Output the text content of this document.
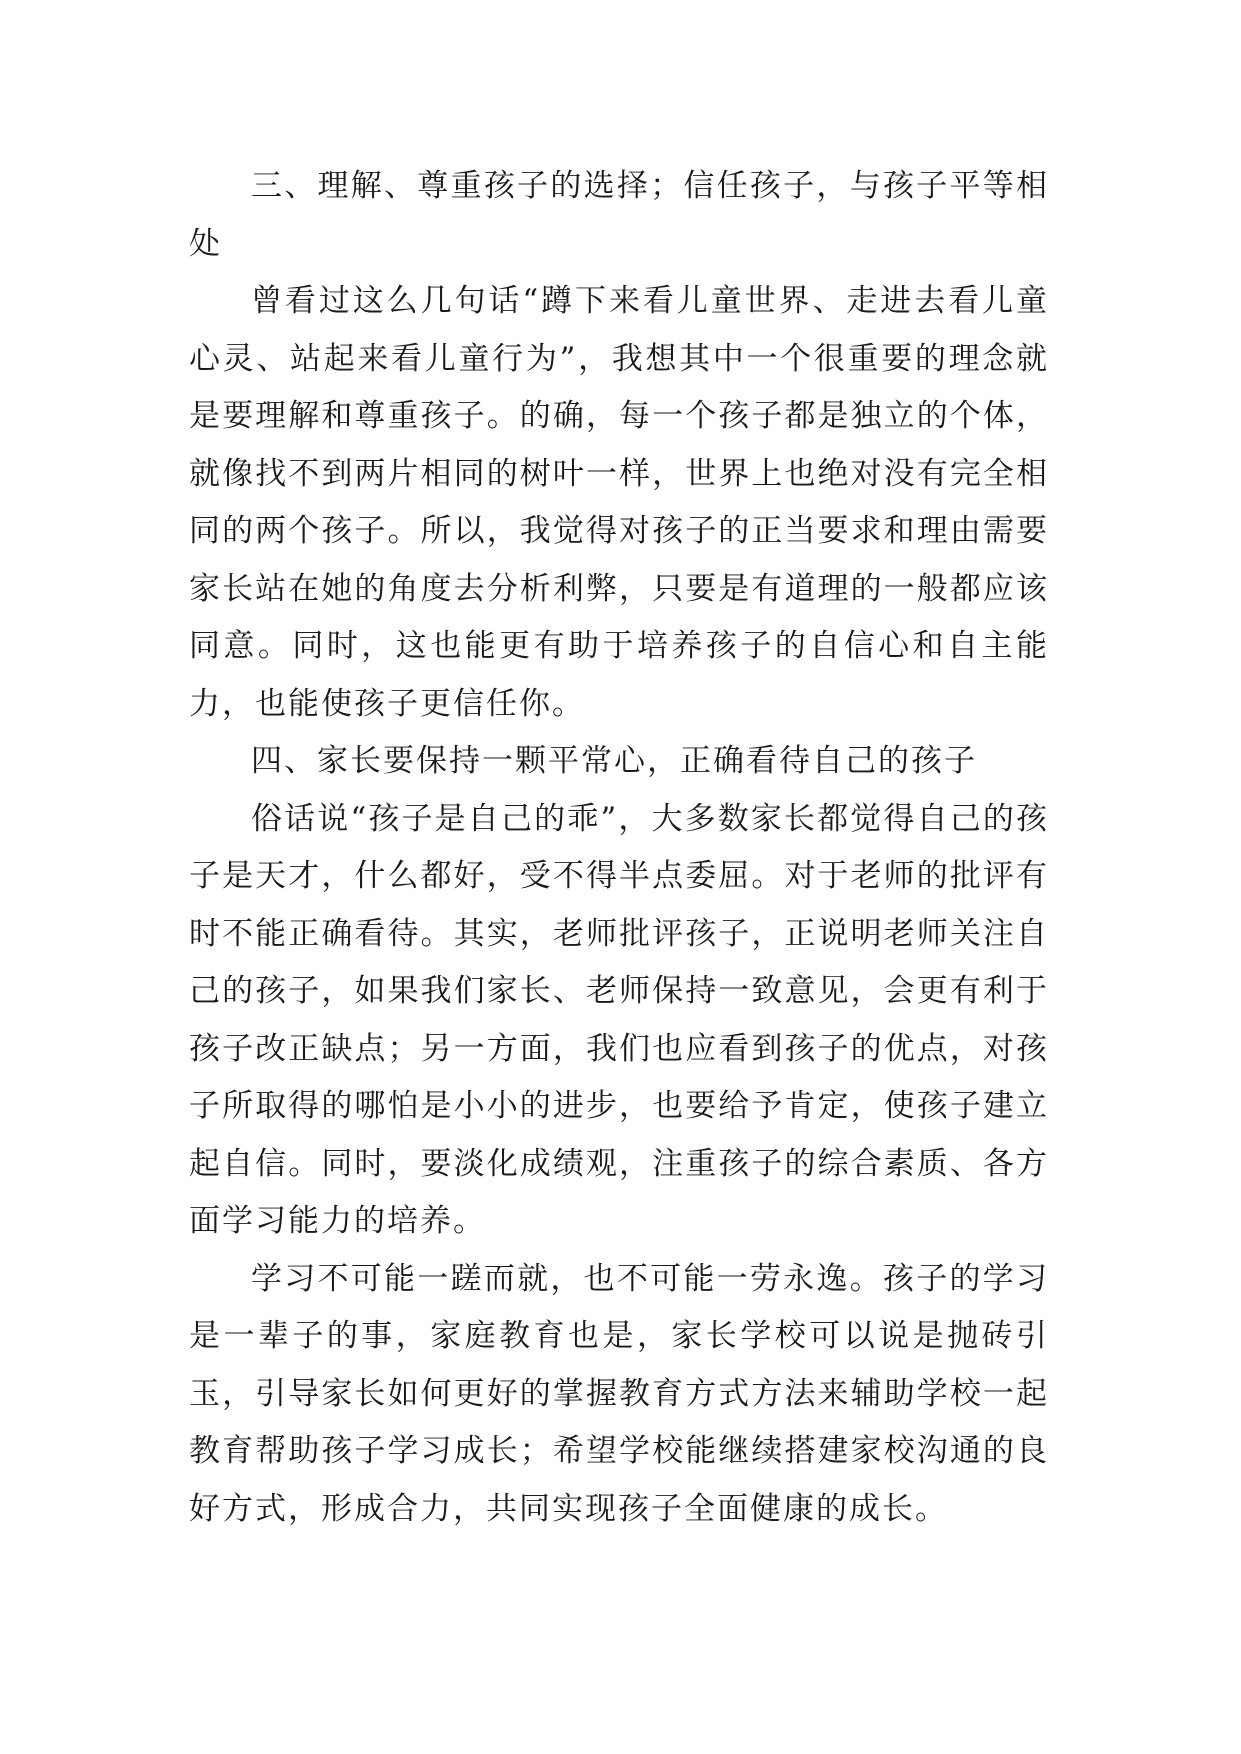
三、理解、尊重孩子的选择；信任孩子，与孩子平等相处

曾看过这么几句话“蹲下来看儿童世界、走进去看儿童心灵、站起来看儿童行为”，我想其中一个很重要的理念就是要理解和尊重孩子。的确，每一个孩子都是独立的个体，就像找不到两片相同的树叶一样，世界上也绝对没有完全相同的两个孩子。所以，我觉得对孩子的正当要求和理由需要家长站在她的角度去分析利弊，只要是有道理的一般都应该同意。同时，这也能更有助于培养孩子的自信心和自主能力，也能使孩子更信任你。

四、家长要保持一颗平常心，正确看待自己的孩子

俗话说“孩子是自己的乖”，大多数家长都觉得自己的孩子是天才，什么都好，受不得半点委屈。对于老师的批评有时不能正确看待。其实，老师批评孩子，正说明老师关注自己的孩子，如果我们家长、老师保持一致意见，会更有利于孩子改正缺点；另一方面，我们也应看到孩子的优点，对孩子所取得的哪怕是小小的进步，也要给予肯定，使孩子建立起自信。同时，要淡化成绩观，注重孩子的综合素质、各方面学习能力的培养。

学习不可能一蹉而就，也不可能一劳永逸。孩子的学习是一辈子的事，家庭教育也是，家长学校可以说是抛砖引玉，引导家长如何更好的掌握教育方式方法来辅助学校一起教育帮助孩子学习成长；希望学校能继续搭建家校沟通的良好方式，形成合力，共同实现孩子全面健康的成长。
